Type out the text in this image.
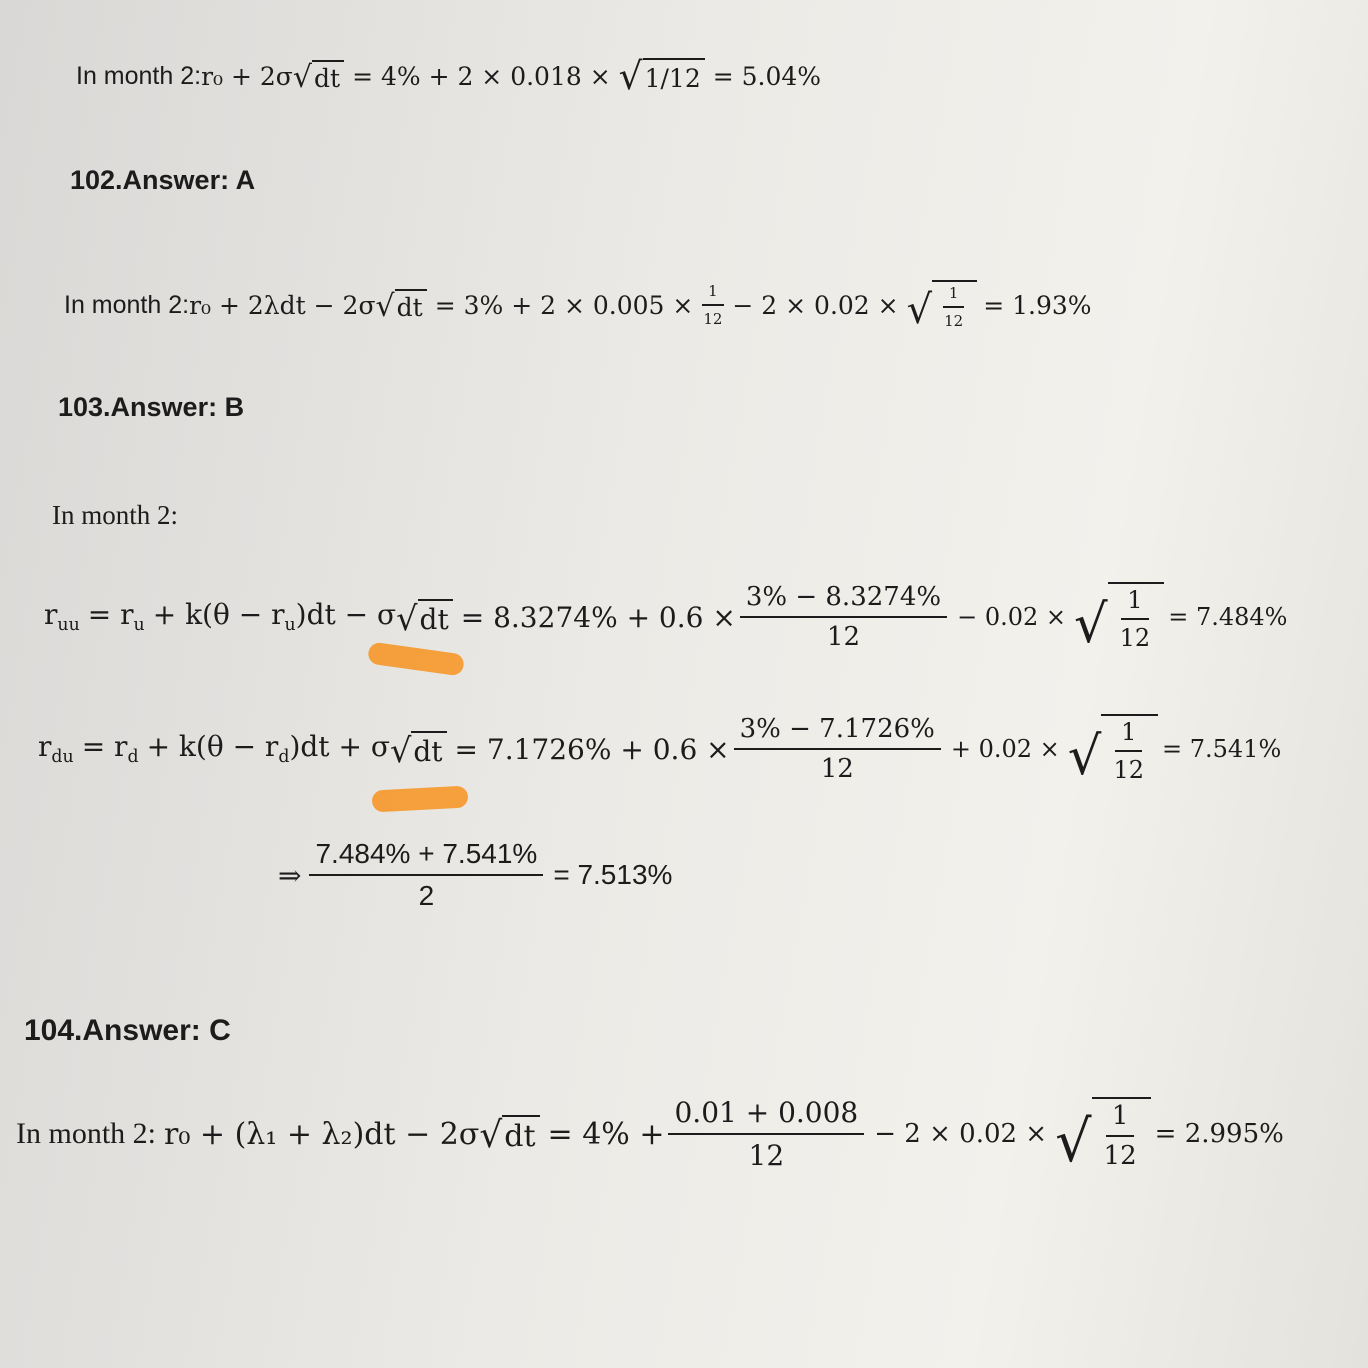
In month 2: r₀ + 2σ √ dt = 4% + 2 × 0.018 × √ 1/12 = 5.04%
102.Answer: A
In month 2: r₀ + 2λdt − 2σ √ dt = $3\% + 2 \times 0.005 \times \frac{1}{12} - 2 \times 0.02$ × √ $\frac{1}{12} = 1.93\%$
103.Answer: B
In month 2:
$r_{uu} = r_u + k(\theta - r_u)dt - \sigma$ √ dt = $8.3274\% + 0.6 \times \frac{3\% - 8.3274\%}{12} - 0.02$ × √ $\frac{1}{12} = 7.484\%$
$r_{du} = r_d + k(\theta - r_d)dt + \sigma$ √ dt = $7.1726\% + 0.6 \times \frac{3\% - 7.1726\%}{12} + 0.02$ × √ $\frac{1}{12} = 7.541\%$
⇒ $\frac{7.484\% + 7.541\%}{2} = 7.513\%$
104.Answer: C
In month 2: r₀ + (λ₁ + λ₂)dt − 2σ √ dt = $4\% + \frac{0.01 + 0.008}{12} - 2 \times 0.02$ × √ $\frac{1}{12} = 2.995\%$
